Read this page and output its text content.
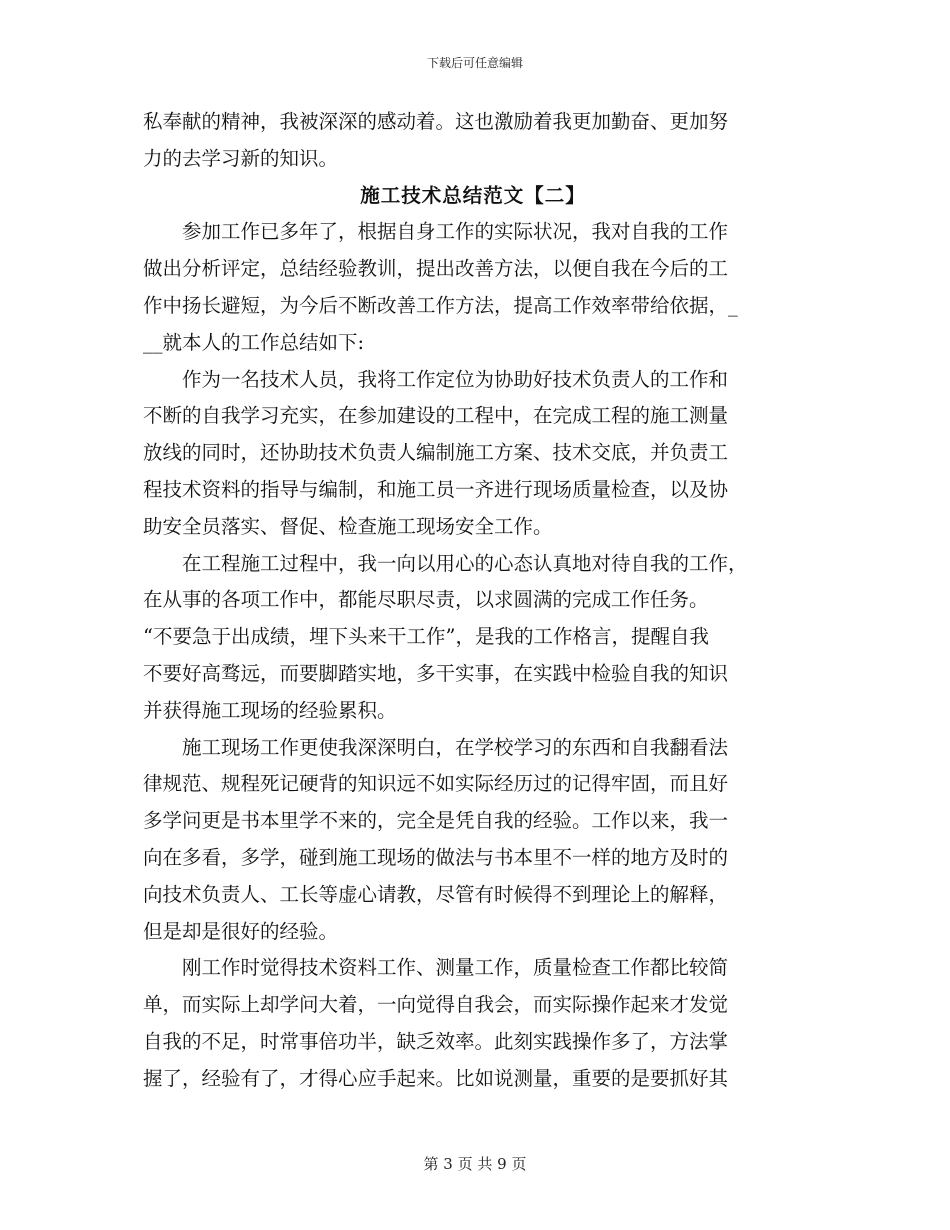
下载后可任意编辑
私奉献的精神，我被深深的感动着。这也激励着我更加勤奋、更加努
力的去学习新的知识。
施工技术总结范文【二】
　　参加工作已多年了，根据自身工作的实际状况，我对自我的工作
做出分析评定，总结经验教训，提出改善方法，以便自我在今后的工
作中扬长避短，为今后不断改善工作方法，提高工作效率带给依据，_
__就本人的工作总结如下:
　　作为一名技术人员，我将工作定位为协助好技术负责人的工作和
不断的自我学习充实，在参加建设的工程中，在完成工程的施工测量
放线的同时，还协助技术负责人编制施工方案、技术交底，并负责工
程技术资料的指导与编制，和施工员一齐进行现场质量检查，以及协
助安全员落实、督促、检查施工现场安全工作。
　　在工程施工过程中，我一向以用心的心态认真地对待自我的工作，
在从事的各项工作中，都能尽职尽责，以求圆满的完成工作任务。
“不要急于出成绩，埋下头来干工作”，是我的工作格言，提醒自我
不要好高骛远，而要脚踏实地，多干实事，在实践中检验自我的知识
并获得施工现场的经验累积。
　　施工现场工作更使我深深明白，在学校学习的东西和自我翻看法
律规范、规程死记硬背的知识远不如实际经历过的记得牢固，而且好
多学问更是书本里学不来的，完全是凭自我的经验。工作以来，我一
向在多看，多学，碰到施工现场的做法与书本里不一样的地方及时的
向技术负责人、工长等虚心请教，尽管有时候得不到理论上的解释，
但是却是很好的经验。
　　刚工作时觉得技术资料工作、测量工作，质量检查工作都比较简
单，而实际上却学问大着，一向觉得自我会，而实际操作起来才发觉
自我的不足，时常事倍功半，缺乏效率。此刻实践操作多了，方法掌
握了，经验有了，才得心应手起来。比如说测量，重要的是要抓好其
第 3 页 共 9 页
